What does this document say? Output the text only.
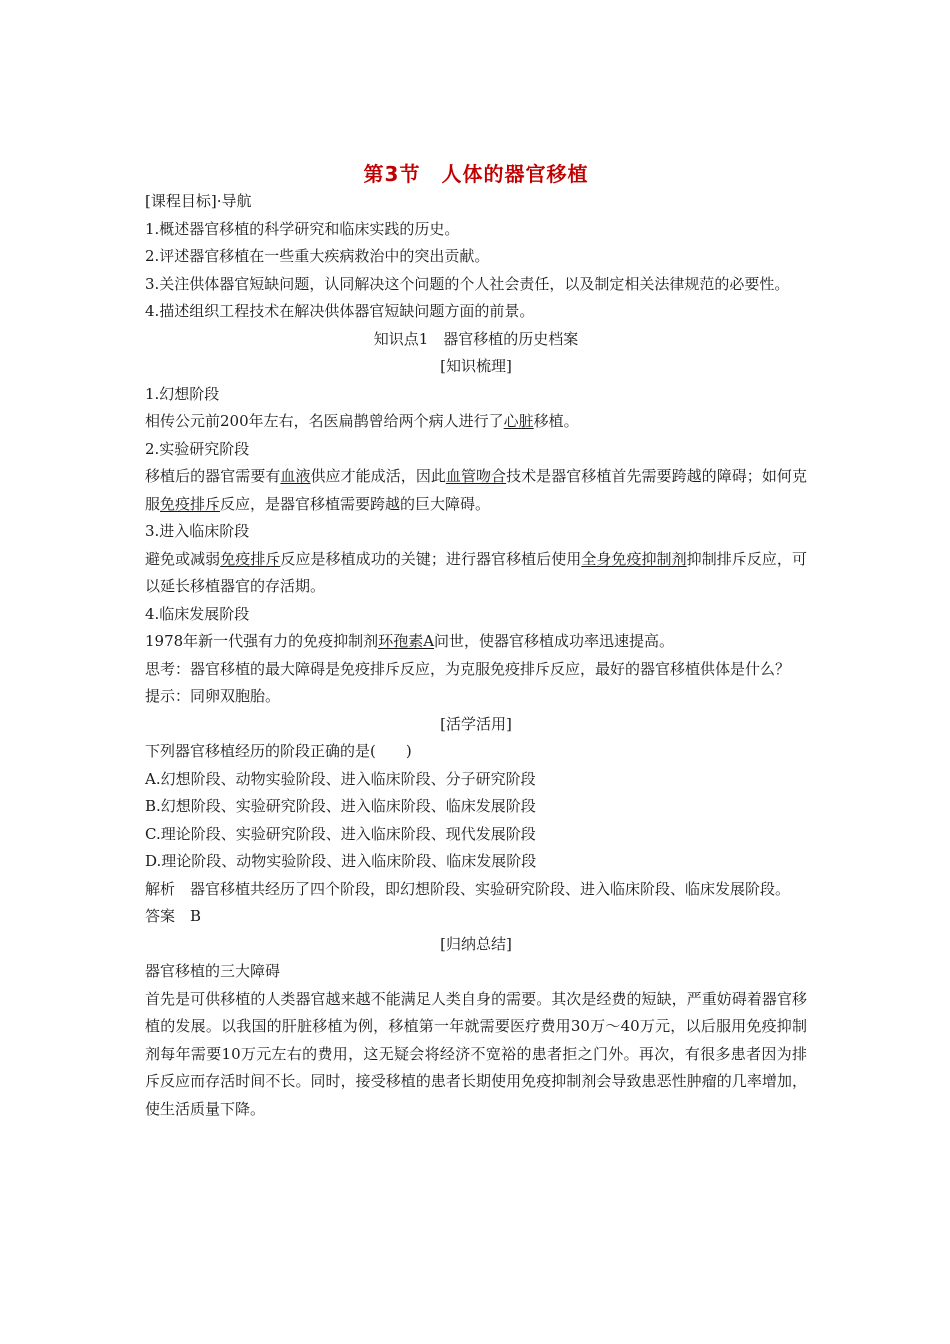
第3节　人体的器官移植
[课程目标]·导航
1.概述器官移植的科学研究和临床实践的历史。
2.评述器官移植在一些重大疾病救治中的突出贡献。
3.关注供体器官短缺问题，认同解决这个问题的个人社会责任，以及制定相关法律规范的必要性。
4.描述组织工程技术在解决供体器官短缺问题方面的前景。
知识点1　器官移植的历史档案
[知识梳理]
1.幻想阶段
相传公元前200年左右，名医扁鹊曾给两个病人进行了心脏移植。
2.实验研究阶段
移植后的器官需要有血液供应才能成活，因此血管吻合技术是器官移植首先需要跨越的障碍；如何克服免疫排斥反应，是器官移植需要跨越的巨大障碍。
3.进入临床阶段
避免或减弱免疫排斥反应是移植成功的关键；进行器官移植后使用全身免疫抑制剂抑制排斥反应，可以延长移植器官的存活期。
4.临床发展阶段
1978年新一代强有力的免疫抑制剂环孢素A问世，使器官移植成功率迅速提高。
思考：器官移植的最大障碍是免疫排斥反应，为克服免疫排斥反应，最好的器官移植供体是什么？
提示：同卵双胞胎。
[活学活用]
下列器官移植经历的阶段正确的是(　　)
A.幻想阶段、动物实验阶段、进入临床阶段、分子研究阶段
B.幻想阶段、实验研究阶段、进入临床阶段、临床发展阶段
C.理论阶段、实验研究阶段、进入临床阶段、现代发展阶段
D.理论阶段、动物实验阶段、进入临床阶段、临床发展阶段
解析　器官移植共经历了四个阶段，即幻想阶段、实验研究阶段、进入临床阶段、临床发展阶段。
答案　B
[归纳总结]
器官移植的三大障碍
首先是可供移植的人类器官越来越不能满足人类自身的需要。其次是经费的短缺，严重妨碍着器官移植的发展。以我国的肝脏移植为例，移植第一年就需要医疗费用30万～40万元，以后服用免疫抑制剂每年需要10万元左右的费用，这无疑会将经济不宽裕的患者拒之门外。再次，有很多患者因为排斥反应而存活时间不长。同时，接受移植的患者长期使用免疫抑制剂会导致患恶性肿瘤的几率增加，使生活质量下降。
